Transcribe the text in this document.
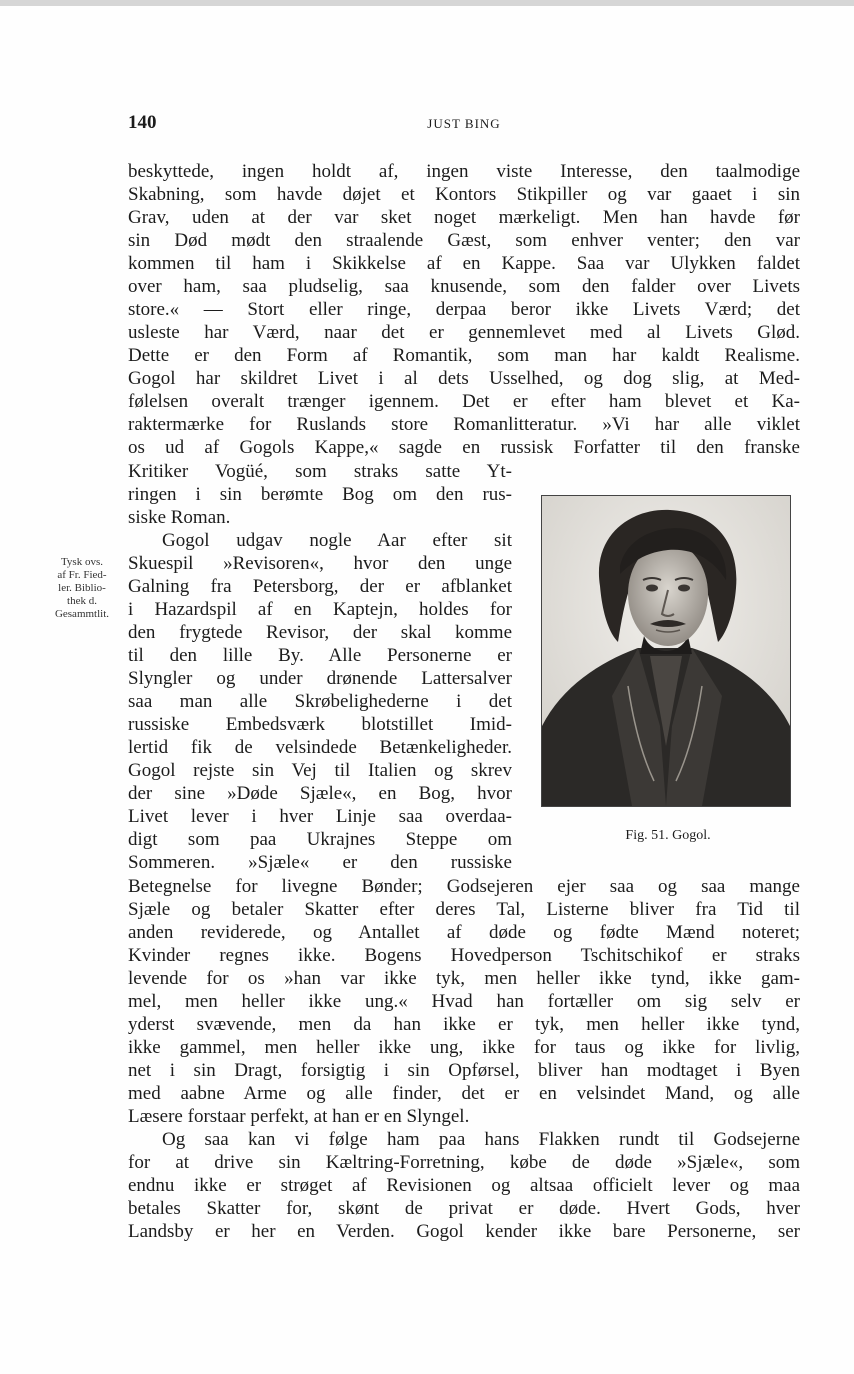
140	JUST BING
beskyttede, ingen holdt af, ingen viste Interesse, den taalmodige
Skabning, som havde døjet et Kontors Stikpiller og var gaaet i sin
Grav, uden at der var sket noget mærkeligt. Men han havde før
sin Død mødt den straalende Gæst, som enhver venter; den var
kommen til ham i Skikkelse af en Kappe. Saa var Ulykken faldet
over ham, saa pludselig, saa knusende, som den falder over Livets
store.« — Stort eller ringe, derpaa beror ikke Livets Værd; det
usleste har Værd, naar det er gennemlevet med al Livets Glød.
Dette er den Form af Romantik, som man har kaldt Realisme.
Gogol har skildret Livet i al dets Usselhed, og dog slig, at Med-
følelsen overalt trænger igennem. Det er efter ham blevet et Ka-
raktermærke for Ruslands store Romanlitteratur. »Vi har alle viklet
os ud af Gogols Kappe,« sagde en russisk Forfatter til den franske
Kritiker Vogüé, som straks satte Yt-
ringen i sin berømte Bog om den rus-
siske Roman.
Gogol udgav nogle Aar efter sit
Skuespil »Revisoren«, hvor den unge
Galning fra Petersborg, der er afblanket
i Hazardspil af en Kaptejn, holdes for
den frygtede Revisor, der skal komme
til den lille By. Alle Personerne er
Slyngler og under drønende Lattersalver
saa man alle Skrøbelighederne i det
russiske Embedsværk blotstillet Imid-
lertid fik de velsindede Betænkeligheder.
Gogol rejste sin Vej til Italien og skrev
der sine »Døde Sjæle«, en Bog, hvor
Livet lever i hver Linje saa overdaa-
digt som paa Ukrajnes Steppe om
Sommeren. »Sjæle« er den russiske
Betegnelse for livegne Bønder; Godsejeren ejer saa og saa mange
Sjæle og betaler Skatter efter deres Tal, Listerne bliver fra Tid til
anden reviderede, og Antallet af døde og fødte Mænd noteret;
Kvinder regnes ikke. Bogens Hovedperson Tschitschikof er straks
levende for os »han var ikke tyk, men heller ikke tynd, ikke gam-
mel, men heller ikke ung.« Hvad han fortæller om sig selv er
yderst svævende, men da han ikke er tyk, men heller ikke tynd,
ikke gammel, men heller ikke ung, ikke for taus og ikke for livlig,
net i sin Dragt, forsigtig i sin Opførsel, bliver han modtaget i Byen
med aabne Arme og alle finder, det er en velsindet Mand, og alle
Læsere forstaar perfekt, at han er en Slyngel.
Og saa kan vi følge ham paa hans Flakken rundt til Godsejerne
for at drive sin Kæltring-Forretning, købe de døde »Sjæle«, som
endnu ikke er strøget af Revisionen og altsaa officielt lever og maa
betales Skatter for, skønt de privat er døde. Hvert Gods, hver
Landsby er her en Verden. Gogol kender ikke bare Personerne, ser
Tysk ovs.
af Fr. Fied-
ler. Biblio-
thek d.
Gesammtlit.
Fig. 51. Gogol.
